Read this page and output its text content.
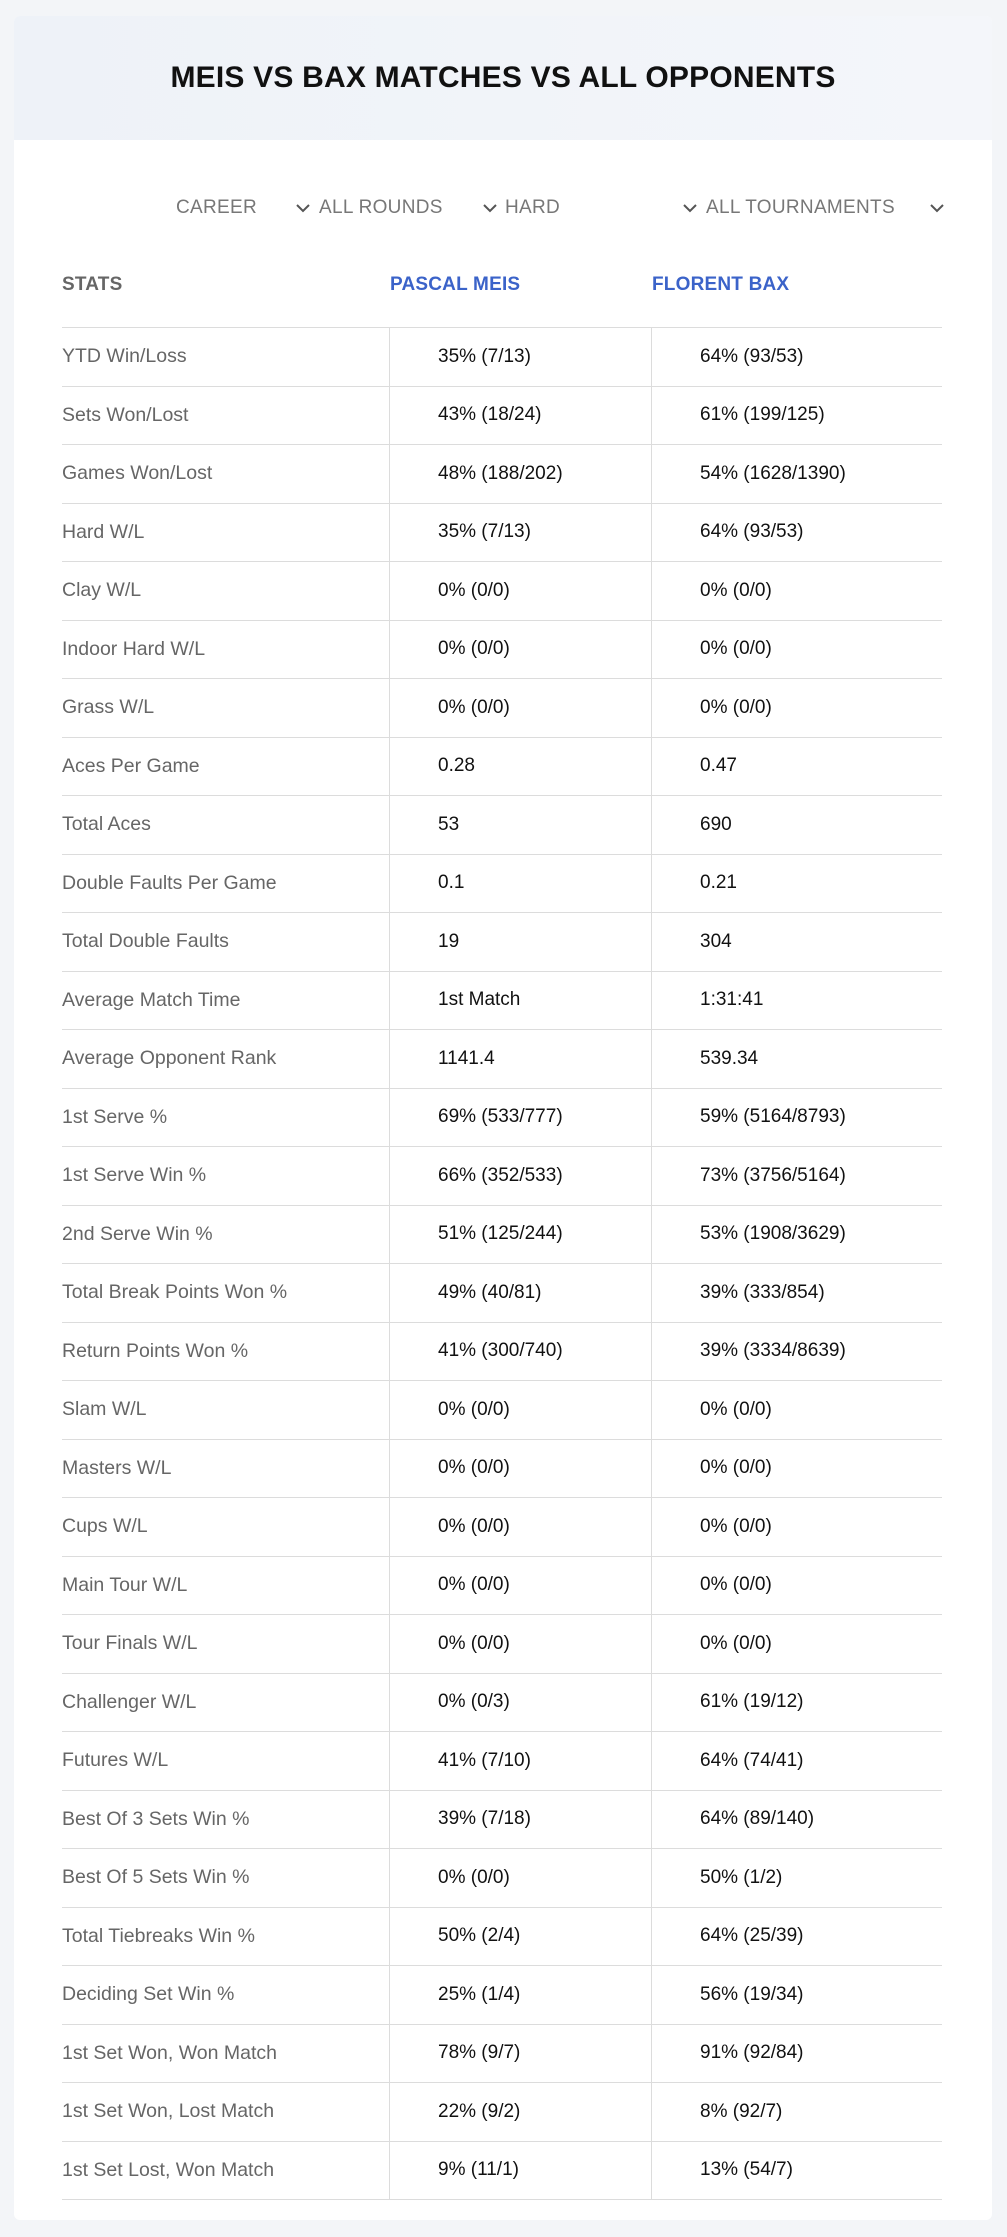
MEIS VS BAX MATCHES VS ALL OPPONENTS
CAREER	ALL ROUNDS	HARD	ALL TOURNAMENTS
STATS	PASCAL MEIS	FLORENT BAX
YTD Win/Loss	35% (7/13)	64% (93/53)
Sets Won/Lost	43% (18/24)	61% (199/125)
Games Won/Lost	48% (188/202)	54% (1628/1390)
Hard W/L	35% (7/13)	64% (93/53)
Clay W/L	0% (0/0)	0% (0/0)
Indoor Hard W/L	0% (0/0)	0% (0/0)
Grass W/L	0% (0/0)	0% (0/0)
Aces Per Game	0.28	0.47
Total Aces	53	690
Double Faults Per Game	0.1	0.21
Total Double Faults	19	304
Average Match Time	1st Match	1:31:41
Average Opponent Rank	1141.4	539.34
1st Serve %	69% (533/777)	59% (5164/8793)
1st Serve Win %	66% (352/533)	73% (3756/5164)
2nd Serve Win %	51% (125/244)	53% (1908/3629)
Total Break Points Won %	49% (40/81)	39% (333/854)
Return Points Won %	41% (300/740)	39% (3334/8639)
Slam W/L	0% (0/0)	0% (0/0)
Masters W/L	0% (0/0)	0% (0/0)
Cups W/L	0% (0/0)	0% (0/0)
Main Tour W/L	0% (0/0)	0% (0/0)
Tour Finals W/L	0% (0/0)	0% (0/0)
Challenger W/L	0% (0/3)	61% (19/12)
Futures W/L	41% (7/10)	64% (74/41)
Best Of 3 Sets Win %	39% (7/18)	64% (89/140)
Best Of 5 Sets Win %	0% (0/0)	50% (1/2)
Total Tiebreaks Win %	50% (2/4)	64% (25/39)
Deciding Set Win %	25% (1/4)	56% (19/34)
1st Set Won, Won Match	78% (9/7)	91% (92/84)
1st Set Won, Lost Match	22% (9/2)	8% (92/7)
1st Set Lost, Won Match	9% (11/1)	13% (54/7)
